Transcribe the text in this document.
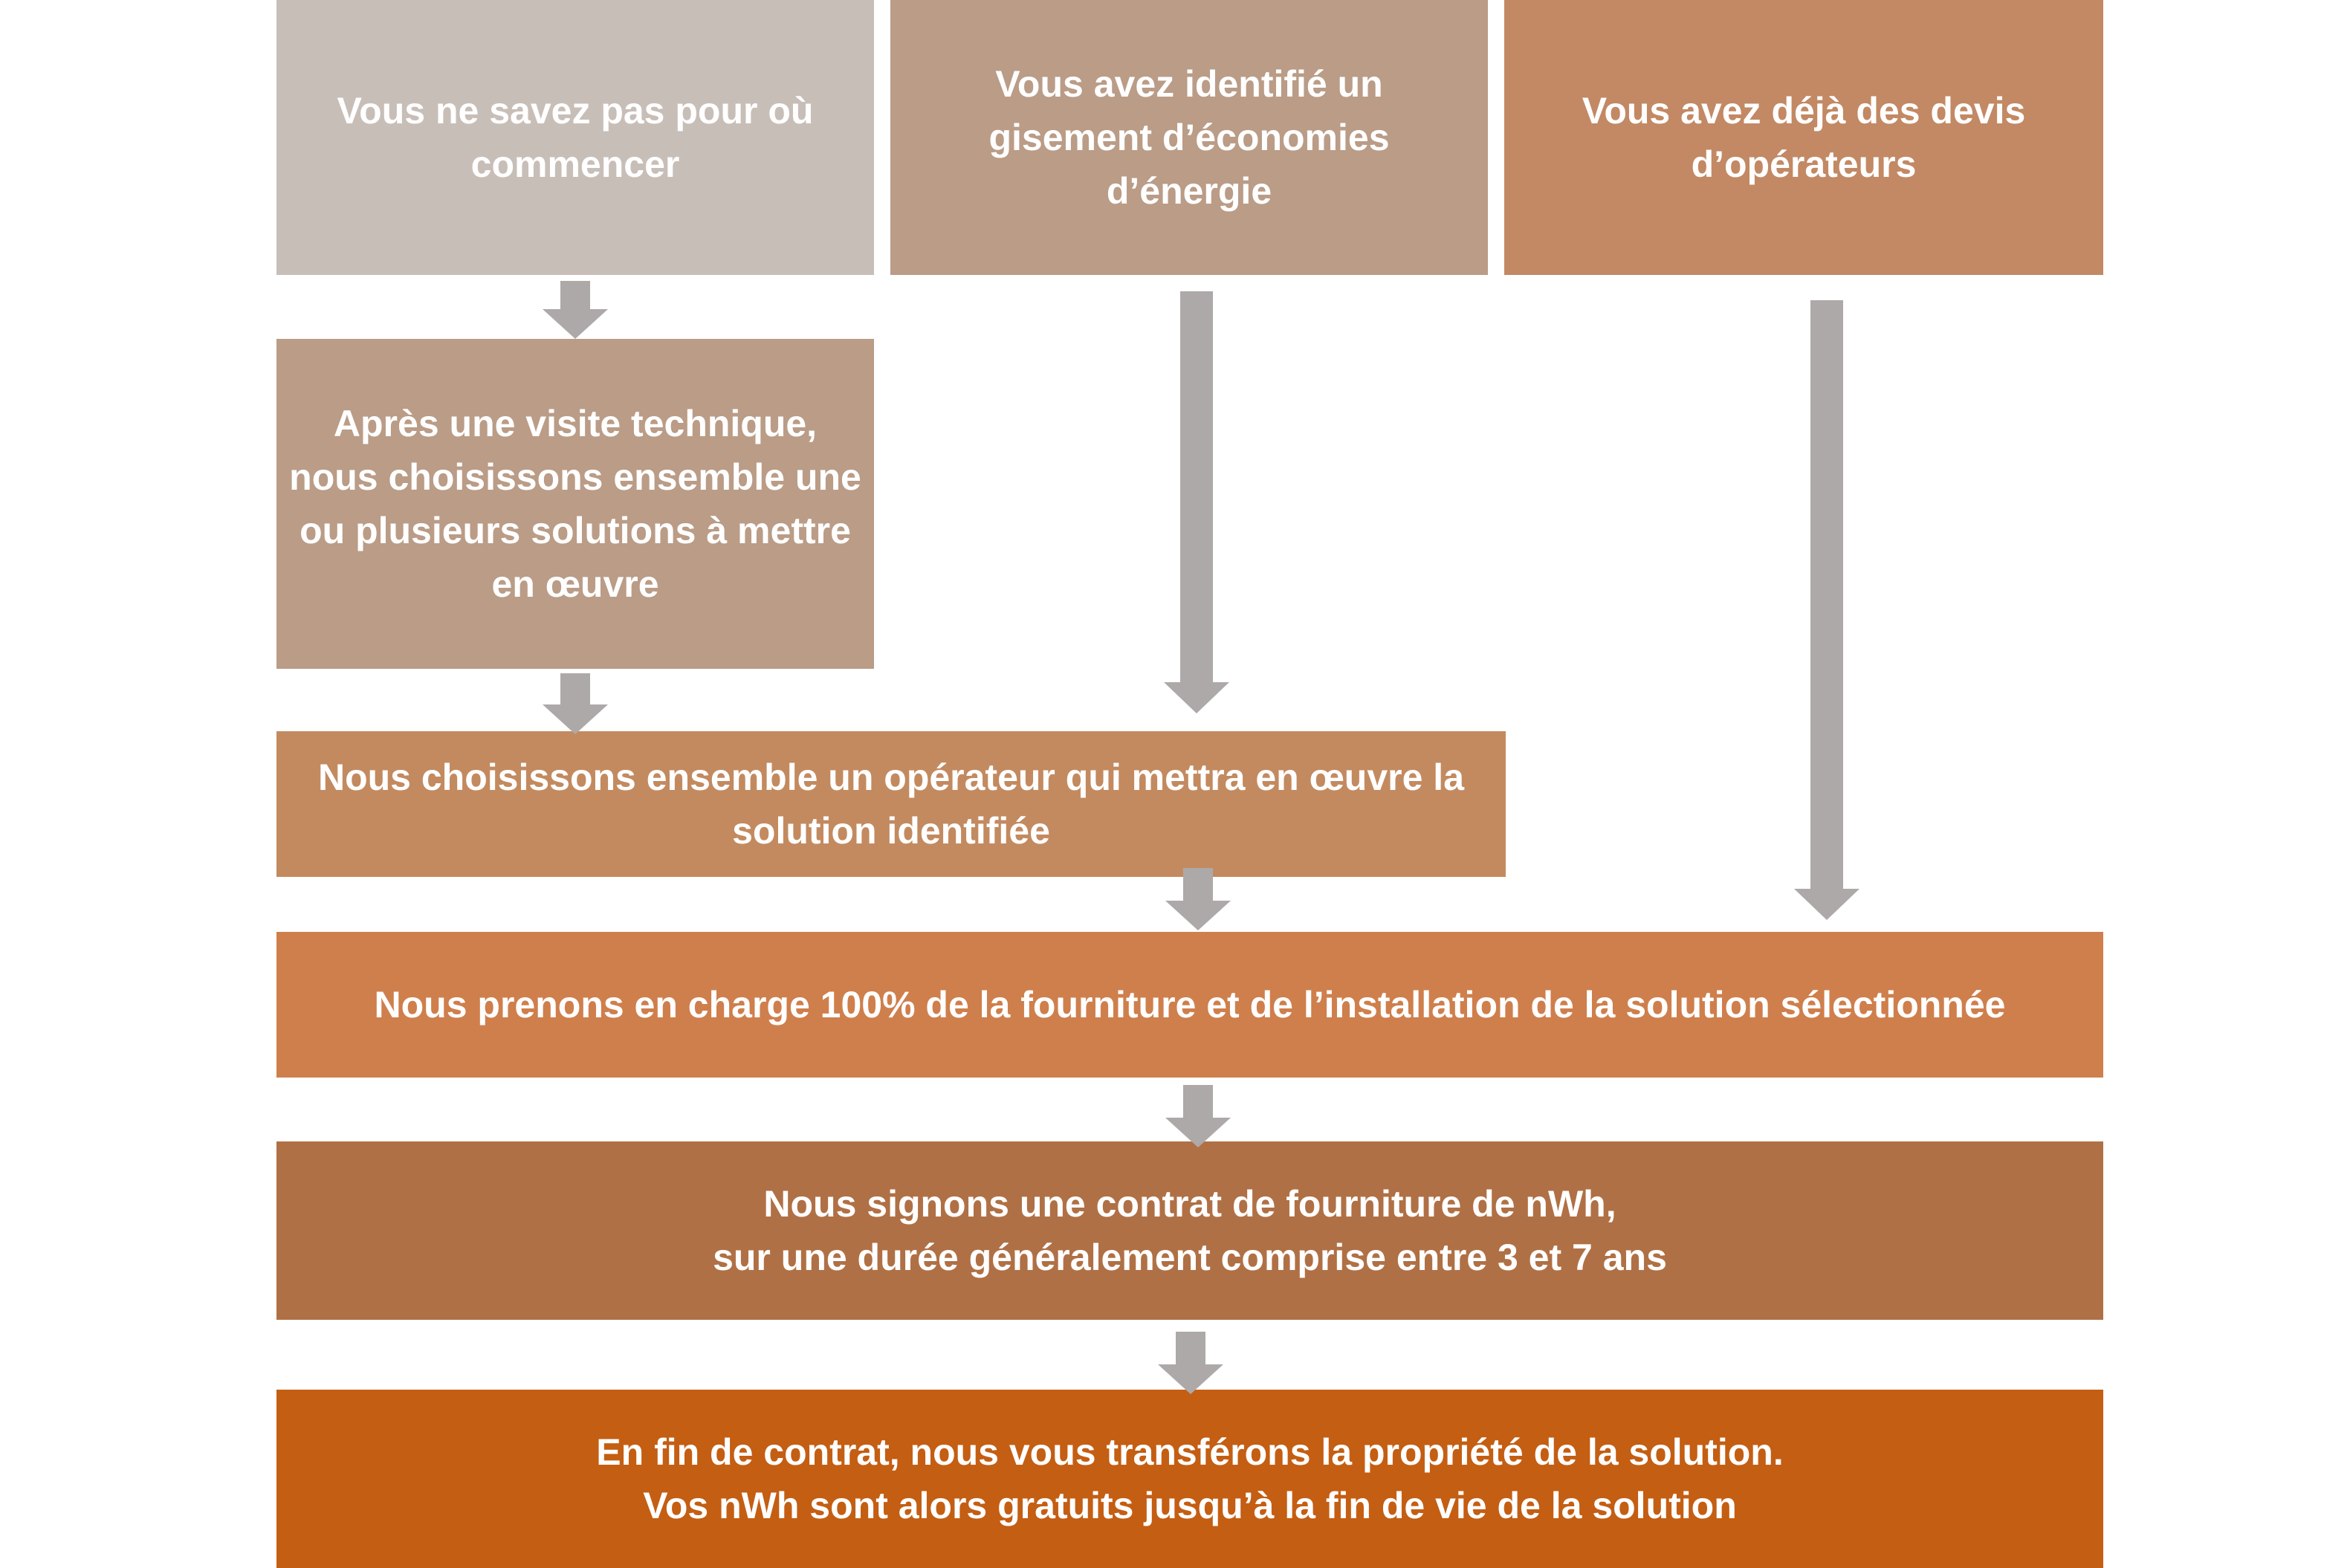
Vous ne savez pas pour où
commencer
Vous avez identifié un
gisement d’économies
d’énergie
Vous avez déjà des devis
d’opérateurs
Après une visite technique,
nous choisissons ensemble une
ou plusieurs solutions à mettre
en œuvre
Nous choisissons ensemble un opérateur qui mettra en œuvre la
solution identifiée
Nous prenons en charge 100% de la fourniture et de l’installation de la solution sélectionnée
Nous signons une contrat de fourniture de nWh,
sur une durée généralement comprise entre 3 et 7 ans
En fin de contrat, nous vous transférons la propriété de la solution.
Vos nWh sont alors gratuits jusqu’à la fin de vie de la solution
